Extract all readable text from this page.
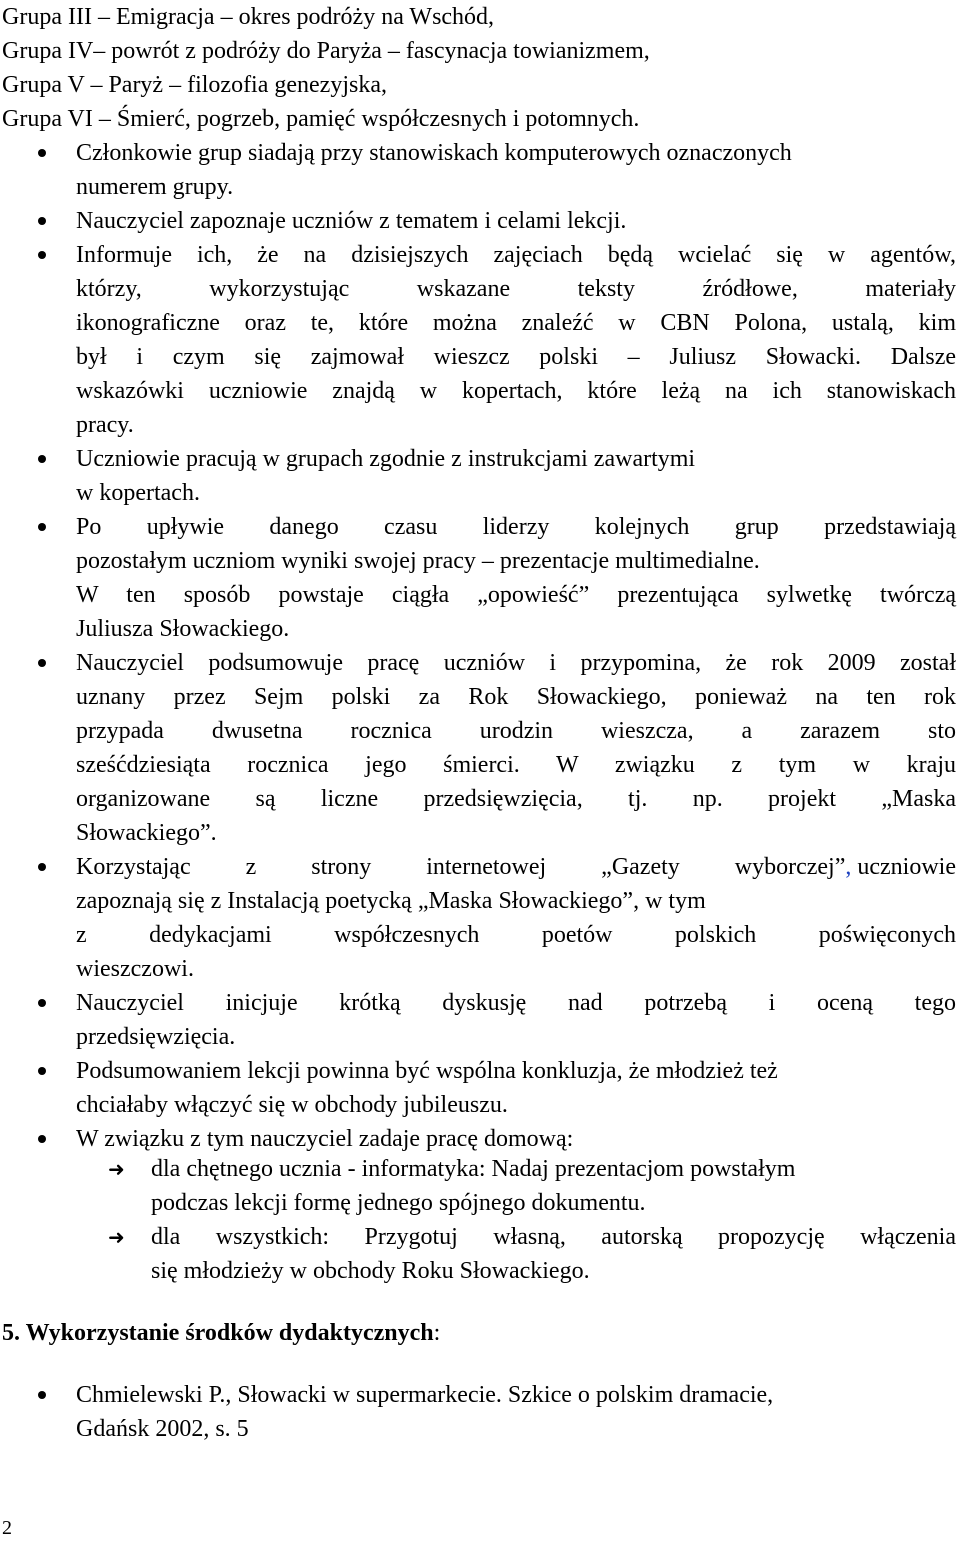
Grupa III – Emigracja – okres podróży na Wschód,
Grupa IV– powrót z podróży do Paryża – fascynacja towianizmem,
Grupa V – Paryż – filozofia genezyjska,
Grupa VI – Śmierć, pogrzeb, pamięć współczesnych i potomnych.
Członkowie grup siadają przy stanowiskach komputerowych oznaczonych
numerem grupy.
Nauczyciel zapoznaje uczniów z tematem i celami lekcji.
Informuje ich, że na dzisiejszych zajęciach będą wcielać się w agentów,
którzy, wykorzystując wskazane teksty źródłowe, materiały
ikonograficzne oraz te, które można znaleźć w CBN Polona, ustalą, kim
był i czym się zajmował wieszcz polski – Juliusz Słowacki. Dalsze
wskazówki uczniowie znajdą w kopertach, które leżą na ich stanowiskach
pracy.
Uczniowie pracują w grupach zgodnie z instrukcjami zawartymi
w kopertach.
Po upływie danego czasu liderzy kolejnych grup przedstawiają
pozostałym uczniom wyniki swojej pracy – prezentacje multimedialne.
W ten sposób powstaje ciągła „opowieść” prezentująca sylwetkę twórczą
Juliusza Słowackiego.
Nauczyciel podsumowuje pracę uczniów i przypomina, że rok 2009 został
uznany przez Sejm polski za Rok Słowackiego, ponieważ na ten rok
przypada dwusetna rocznica urodzin wieszcza, a zarazem sto
sześćdziesiąta rocznica jego śmierci. W związku z tym w kraju
organizowane są liczne przedsięwzięcia, tj. np. projekt „Maska
Słowackiego”.
Korzystając z strony internetowej „Gazety wyborczej” , uczniowie
zapoznają się z Instalacją poetycką „Maska Słowackiego”, w tym
z dedykacjami współczesnych poetów polskich poświęconych
wieszczowi.
Nauczyciel inicjuje krótką dyskusję nad potrzebą i oceną tego
przedsięwzięcia.
Podsumowaniem lekcji powinna być wspólna konkluzja, że młodzież też
chciałaby włączyć się w obchody jubileuszu.
W związku z tym nauczyciel zadaje pracę domową:
➜ dla chętnego ucznia - informatyka: Nadaj prezentacjom powstałym
podczas lekcji formę jednego spójnego dokumentu.
➜ dla wszystkich: Przygotuj własną, autorską propozycję włączenia
się młodzieży w obchody Roku Słowackiego.
5. Wykorzystanie środków dydaktycznych:
Chmielewski P., Słowacki w supermarkecie. Szkice o polskim dramacie,
Gdańsk 2002, s. 5
2
